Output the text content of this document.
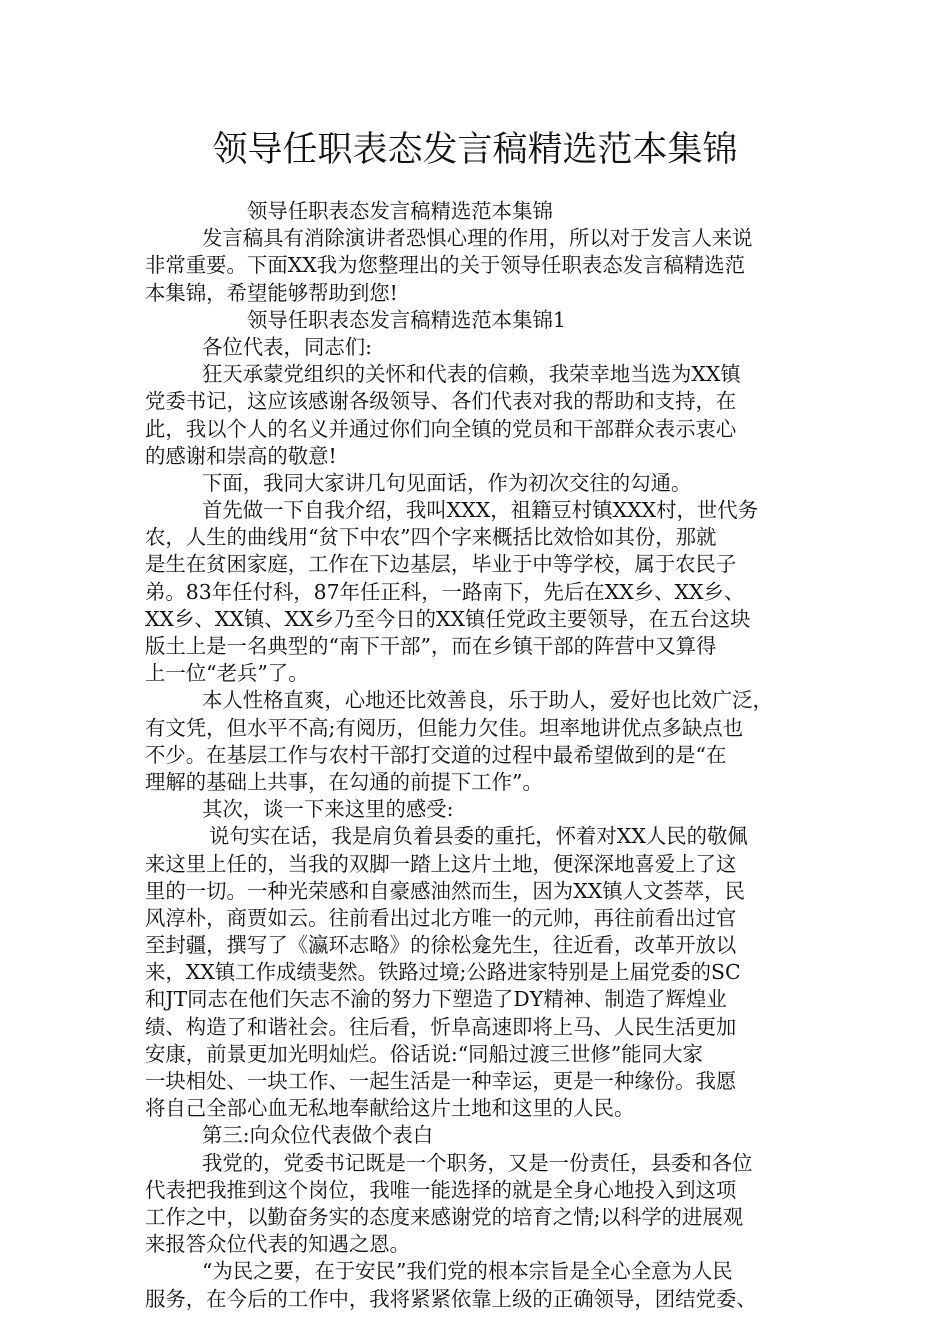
领导任职表态发言稿精选范本集锦
领导任职表态发言稿精选范本集锦
发言稿具有消除演讲者恐惧心理的作用，所以对于发言人来说
非常重要。下面XX我为您整理出的关于领导任职表态发言稿精选范
本集锦，希望能够帮助到您!
领导任职表态发言稿精选范本集锦1
各位代表，同志们:
狂天承蒙党组织的关怀和代表的信赖，我荣幸地当选为XX镇
党委书记，这应该感谢各级领导、各们代表对我的帮助和支持，在
此，我以个人的名义并通过你们向全镇的党员和干部群众表示衷心
的感谢和崇高的敬意!
下面，我同大家讲几句见面话，作为初次交往的勾通。
首先做一下自我介绍，我叫XXX，祖籍豆村镇XXX村，世代务
农，人生的曲线用“贫下中农”四个字来概括比效恰如其份，那就
是生在贫困家庭，工作在下边基层，毕业于中等学校，属于农民子
弟。83年任付科，87年任正科，一路南下，先后在XX乡、XX乡、
XX乡、XX镇、XX乡乃至今日的XX镇任党政主要领导，在五台这块
版土上是一名典型的“南下干部”，而在乡镇干部的阵营中又算得
上一位“老兵”了。
本人性格直爽，心地还比效善良，乐于助人，爱好也比效广泛，
有文凭，但水平不高;有阅历，但能力欠佳。坦率地讲优点多缺点也
不少。在基层工作与农村干部打交道的过程中最希望做到的是“在
理解的基础上共事，在勾通的前提下工作”。
其次，谈一下来这里的感受:
说句实在话，我是肩负着县委的重托，怀着对XX人民的敬佩
来这里上任的，当我的双脚一踏上这片土地，便深深地喜爱上了这
里的一切。一种光荣感和自豪感油然而生，因为XX镇人文荟萃，民
风淳朴，商贾如云。往前看出过北方唯一的元帅，再往前看出过官
至封疆，撰写了《瀛环志略》的徐松龛先生，往近看，改革开放以
来，XX镇工作成绩斐然。铁路过境;公路进家特别是上届党委的SC
和JT同志在他们矢志不渝的努力下塑造了DY精神、制造了辉煌业
绩、构造了和谐社会。往后看，忻阜高速即将上马、人民生活更加
安康，前景更加光明灿烂。俗话说:“同船过渡三世修”能同大家
一块相处、一块工作、一起生活是一种幸运，更是一种缘份。我愿
将自己全部心血无私地奉献给这片土地和这里的人民。
第三:向众位代表做个表白
我党的，党委书记既是一个职务，又是一份责任，县委和各位
代表把我推到这个岗位，我唯一能选择的就是全身心地投入到这项
工作之中，以勤奋务实的态度来感谢党的培育之情;以科学的进展观
来报答众位代表的知遇之恩。
“为民之要，在于安民”我们党的根本宗旨是全心全意为人民
服务，在今后的工作中，我将紧紧依靠上级的正确领导，团结党委、
